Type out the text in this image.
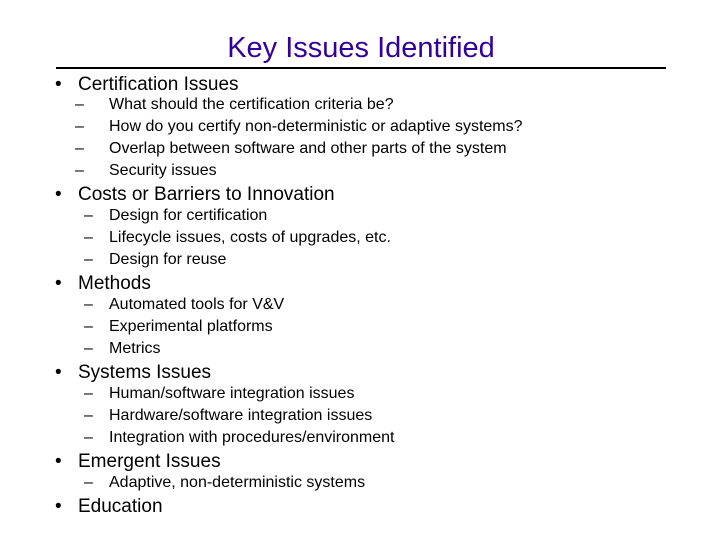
Key Issues Identified
• Certification Issues
– What should the certification criteria be?
– How do you certify non-deterministic or adaptive systems?
– Overlap between software and other parts of the system
– Security issues
• Costs or Barriers to Innovation
– Design for certification
– Lifecycle issues, costs of upgrades, etc.
– Design for reuse
• Methods
– Automated tools for V&V
– Experimental platforms
– Metrics
• Systems Issues
– Human/software integration issues
– Hardware/software integration issues
– Integration with procedures/environment
• Emergent Issues
– Adaptive, non-deterministic systems
• Education
